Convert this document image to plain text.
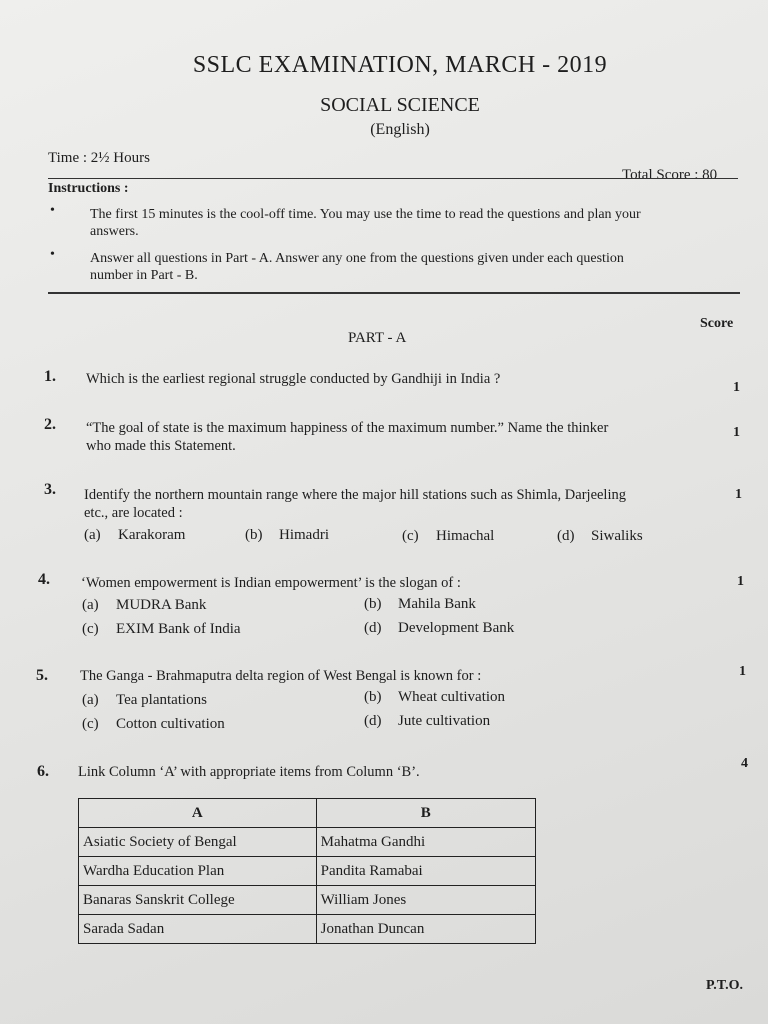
SSLC EXAMINATION, MARCH - 2019
SOCIAL SCIENCE
(English)
Time : 2½ Hours
Total Score : 80
Instructions :
•	The first 15 minutes is the cool-off time. You may use the time to read the questions and plan your
answers.
•	Answer all questions in Part - A. Answer any one from the questions given under each question
number in Part - B.
Score
PART - A
1. Which is the earliest regional struggle conducted by Gandhiji in India ?
1
2. “The goal of state is the maximum happiness of the maximum number.” Name the thinker
who made this Statement.
1
3. Identify the northern mountain range where the major hill stations such as Shimla, Darjeeling
etc., are located :
1
(a) Karakoram	(b) Himadri	(c) Himachal	(d) Siwaliks
4. ‘Women empowerment is Indian empowerment’ is the slogan of :	1
(a) MUDRA Bank	(b) Mahila Bank
(c) EXIM Bank of India	(d) Development Bank
5. The Ganga - Brahmaputra delta region of West Bengal is known for :	1
(a) Tea plantations	(b) Wheat cultivation
(c) Cotton cultivation	(d) Jute cultivation
6. Link Column ‘A’ with appropriate items from Column ‘B’.
4
A	B
Asiatic Society of Bengal	Mahatma Gandhi
Wardha Education Plan	Pandita Ramabai
Banaras Sanskrit College	William Jones
Sarada Sadan	Jonathan Duncan
P.T.O.
